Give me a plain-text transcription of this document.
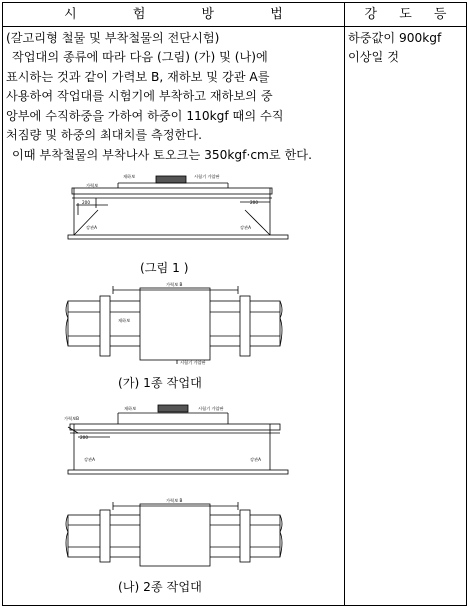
시 험 방 법	강 도 등
(갈고리형 철물 및 부착철물의 전단시험)
작업대의 종류에 따라 다음 (그림) (가) 및 (나)에
표시하는 것과 같이 가력보 B, 재하보 및 강관 A를
사용하여 작업대를 시험기에 부착하고 재하보의 중
앙부에 수직하중을 가하여 하중이 110kgf 때의 수직
처짐량 및 하중의 최대치를 측정한다.
이때 부착철물의 부착나사 토오크는 350kgf·cm로 한다.
하중값이 900kgf
이상일 것
재하보
가력보
시험기 가압판
200	200
강관A	강관A
가력보 B
재하보
시험기 가압판
재하보
가력보B
시험기 가압판
200
강관A	강관A
가력보 B
(그림 1 )
(가) 1종 작업대
(나) 2종 작업대
